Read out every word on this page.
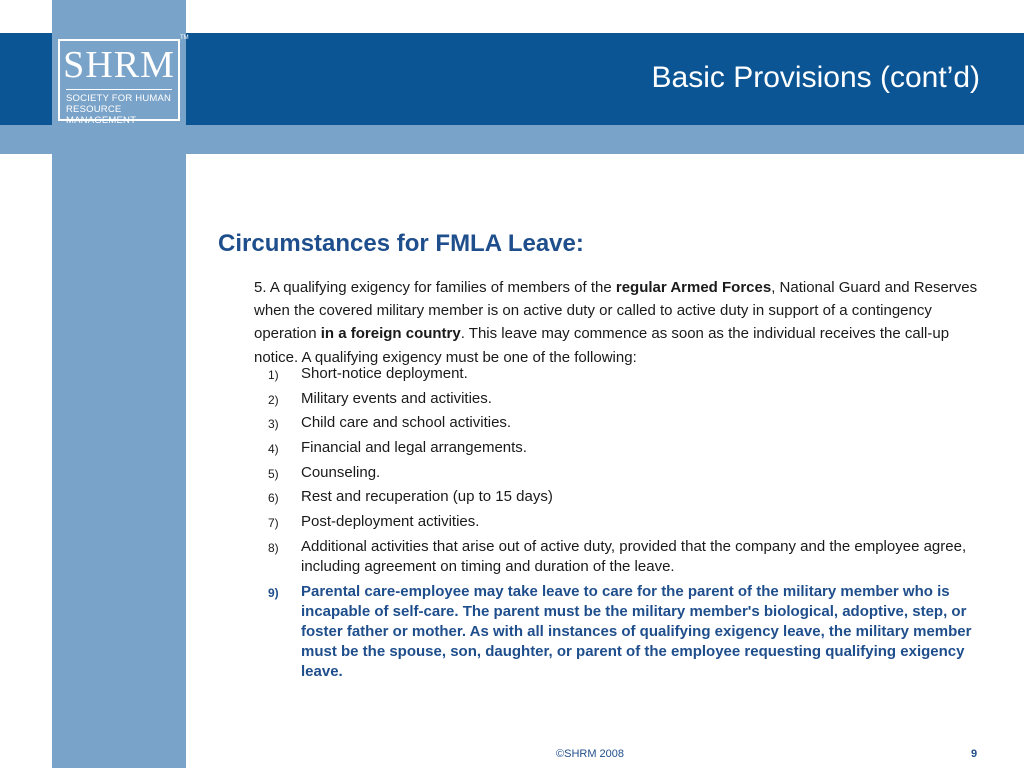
SHRM
SOCIETY FOR HUMAN
RESOURCE MANAGEMENT
TM
Basic Provisions (cont’d)
Circumstances for FMLA Leave:

5. A qualifying exigency for families of members of the regular Armed Forces, National Guard and Reserves when the covered military member is on active duty or called to active duty in support of a contingency operation in a foreign country. This leave may commence as soon as the individual receives the call-up notice. A qualifying exigency must be one of the following:

1) Short-notice deployment.
2) Military events and activities.
3) Child care and school activities.
4) Financial and legal arrangements.
5) Counseling.
6) Rest and recuperation (up to 15 days)
7) Post-deployment activities.
8) Additional activities that arise out of active duty, provided that the company and the employee agree, including agreement on timing and duration of the leave.
9) Parental care-employee may take leave to care for the parent of the military member who is incapable of self-care. The parent must be the military member's biological, adoptive, step, or foster father or mother. As with all instances of qualifying exigency leave, the military member must be the spouse, son, daughter, or parent of the employee requesting qualifying exigency leave.
©SHRM 2008	9
